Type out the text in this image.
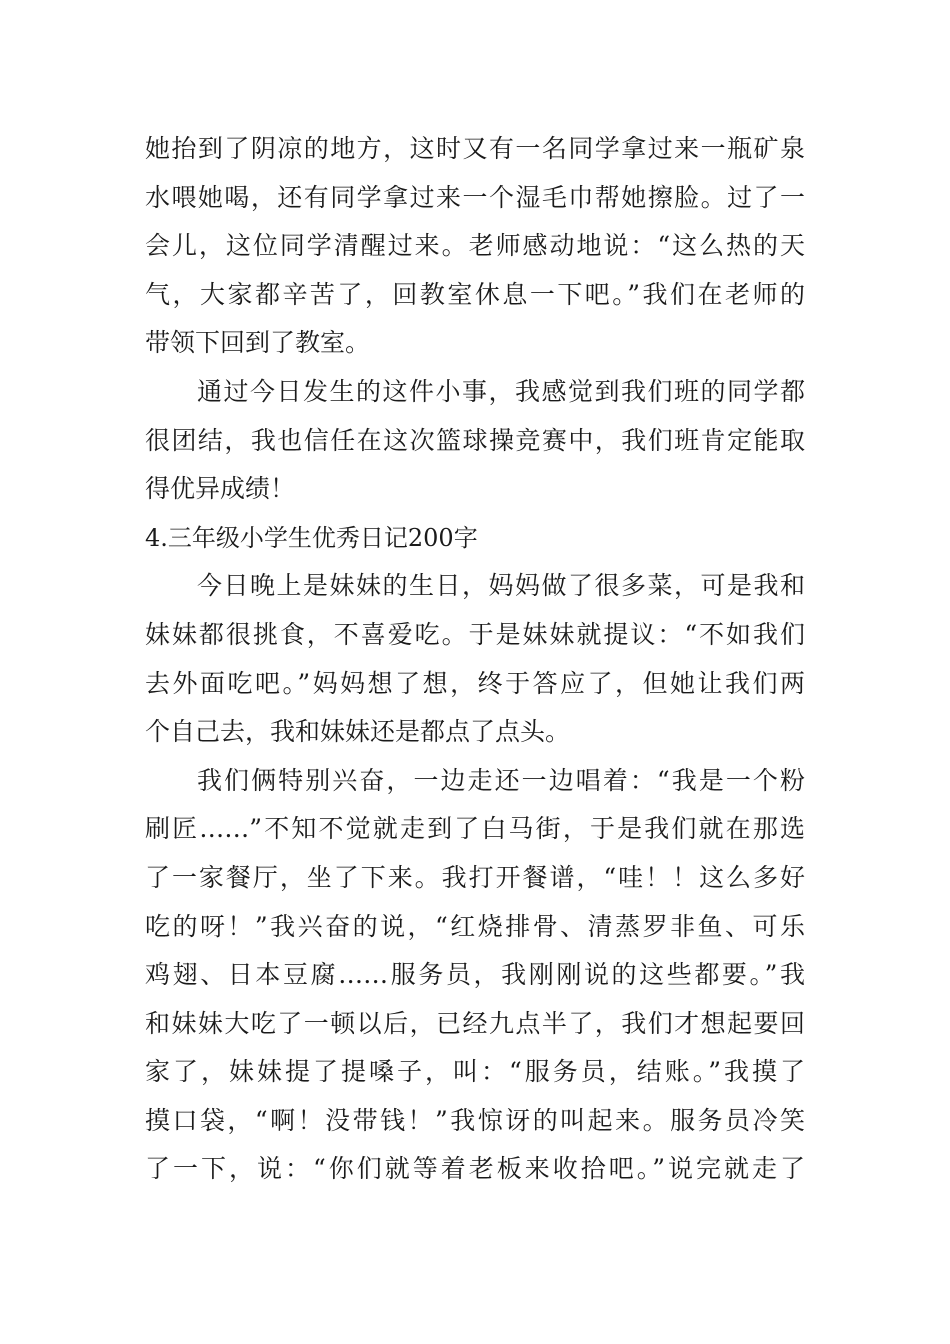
她抬到了阴凉的地方，这时又有一名同学拿过来一瓶矿泉
水喂她喝，还有同学拿过来一个湿毛巾帮她擦脸。过了一
会儿，这位同学清醒过来。老师感动地说：“这么热的天
气，大家都辛苦了，回教室休息一下吧。”我们在老师的
带领下回到了教室。
通过今日发生的这件小事，我感觉到我们班的同学都
很团结，我也信任在这次篮球操竞赛中，我们班肯定能取
得优异成绩！
4.三年级小学生优秀日记200字
今日晚上是妹妹的生日，妈妈做了很多菜，可是我和
妹妹都很挑食，不喜爱吃。于是妹妹就提议：“不如我们
去外面吃吧。”妈妈想了想，终于答应了，但她让我们两
个自己去，我和妹妹还是都点了点头。
我们俩特别兴奋，一边走还一边唱着：“我是一个粉
刷匠……”不知不觉就走到了白马街，于是我们就在那选
了一家餐厅，坐了下来。我打开餐谱，“哇！！这么多好
吃的呀！”我兴奋的说，“红烧排骨、清蒸罗非鱼、可乐
鸡翅、日本豆腐……服务员，我刚刚说的这些都要。”我
和妹妹大吃了一顿以后，已经九点半了，我们才想起要回
家了，妹妹提了提嗓子，叫：“服务员，结账。”我摸了
摸口袋，“啊！没带钱！”我惊讶的叫起来。服务员冷笑
了一下，说：“你们就等着老板来收拾吧。”说完就走了
